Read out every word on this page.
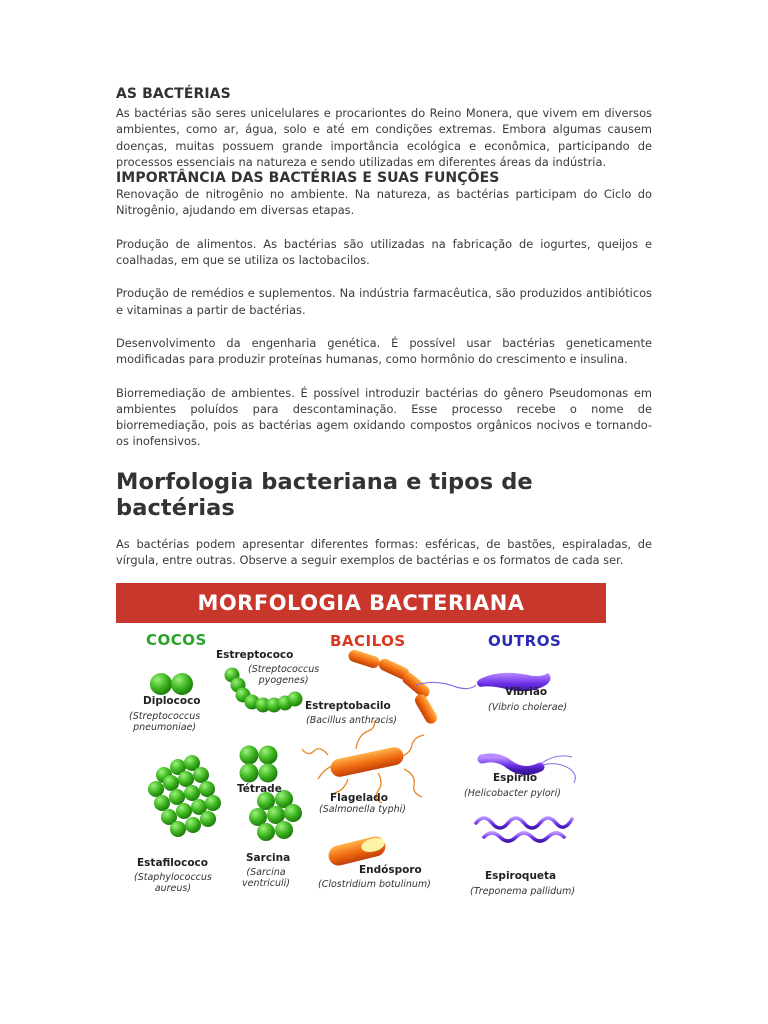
AS BACTÉRIAS

As bactérias são seres unicelulares e procariontes do Reino Monera, que vivem em diversos ambientes, como ar, água, solo e até em condições extremas. Embora algumas causem doenças, muitas possuem grande importância ecológica e econômica, participando de processos essenciais na natureza e sendo utilizadas em diferentes áreas da indústria.

IMPORTÂNCIA DAS BACTÉRIAS E SUAS FUNÇÕES

Renovação de nitrogênio no ambiente. Na natureza, as bactérias participam do Ciclo do Nitrogênio, ajudando em diversas etapas.

Produção de alimentos. As bactérias são utilizadas na fabricação de iogurtes, queijos e coalhadas, em que se utiliza os lactobacilos.

Produção de remédios e suplementos. Na indústria farmacêutica, são produzidos antibióticos e vitaminas a partir de bactérias.

Desenvolvimento da engenharia genética. É possível usar bactérias geneticamente modificadas para produzir proteínas humanas, como hormônio do crescimento e insulina.

Biorremediação de ambientes. É possível introduzir bactérias do gênero Pseudomonas em ambientes poluídos para descontaminação. Esse processo recebe o nome de biorremediação, pois as bactérias agem oxidando compostos orgânicos nocivos e tornando-os inofensivos.

Morfologia bacteriana e tipos de bactérias

As bactérias podem apresentar diferentes formas: esféricas, de bastões, espiraladas, de vírgula, entre outras. Observe a seguir exemplos de bactérias e os formatos de cada ser.

MORFOLOGIA BACTERIANA
COCOS	BACILOS	OUTROS
Estreptococo
(Streptococcus
pyogenes)
Diplococo
(Streptococcus
pneumoniae)
Tétrade
Estafilococo
(Staphylococcus
aureus)
Sarcina
(Sarcina
ventriculi)
Estreptobacilo
(Bacillus anthracis)
Flagelado
(Salmonella typhi)
Endósporo
(Clostridium botulinum)
Vibrião
(Vibrio cholerae)
Espirilo
(Helicobacter pylori)
Espiroqueta
(Treponema pallidum)
